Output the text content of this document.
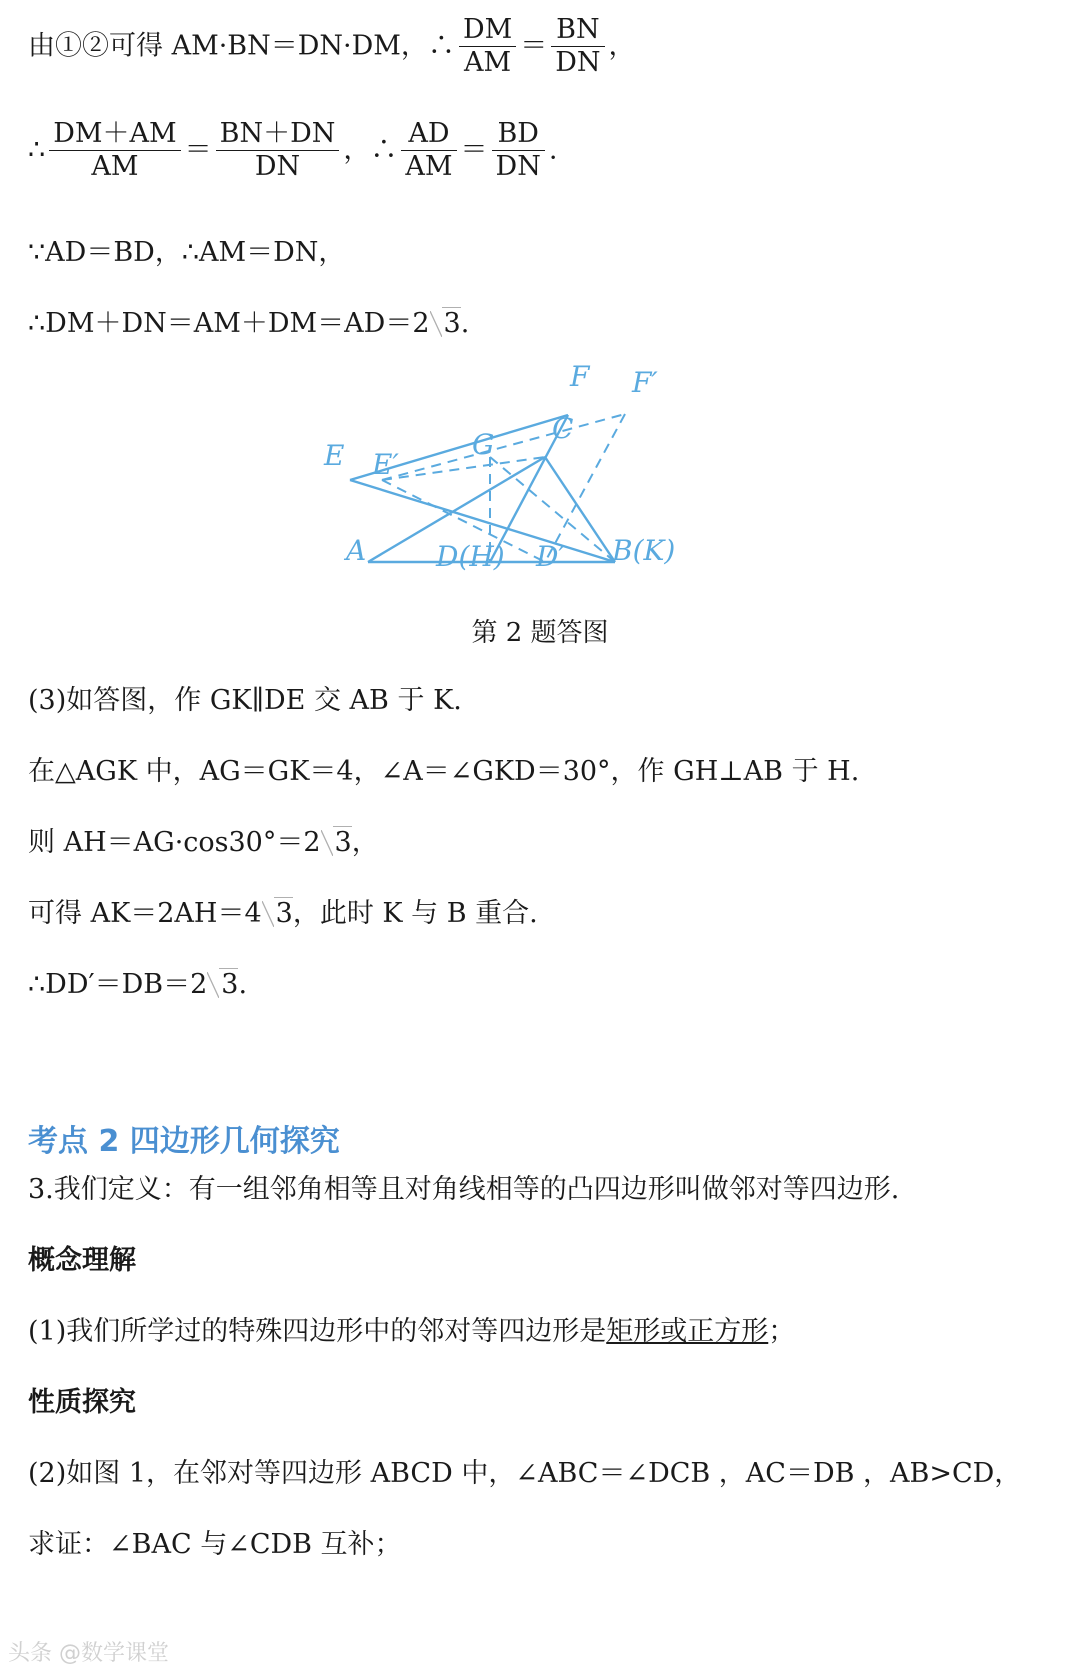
由①②可得 AM·BN＝DN·DM，∴ $\frac{DM}{AM} = \frac{BN}{DN}$ ，
∴ $\frac{DM+AM}{AM} = \frac{BN+DN}{DN}$ ，∴ $\frac{AD}{AM} = \frac{BD}{DN}$ .
∵AD＝BD，∴AM＝DN，
∴DM＋DN＝AM＋DM＝AD＝2 3.
F F′
E E′
G C
A D(H) D′ B(K)
第 2 题答图
(3)如答图，作 GK∥DE 交 AB 于 K.
在△AGK 中，AG＝GK＝4，∠A＝∠GKD＝30°，作 GH⊥AB 于 H.
则 AH＝AG·cos30°＝2 3，
可得 AK＝2AH＝4 3，此时 K 与 B 重合.
∴DD′＝DB＝2 3.
考点 2 四边形几何探究
3.我们定义：有一组邻角相等且对角线相等的凸四边形叫做邻对等四边形.
概念理解
(1)我们所学过的特殊四边形中的邻对等四边形是矩形或正方形；
性质探究
(2)如图 1，在邻对等四边形 ABCD 中，∠ABC＝∠DCB ，AC＝DB ，AB>CD，
求证：∠BAC 与∠CDB 互补；
头条 @数学课堂
